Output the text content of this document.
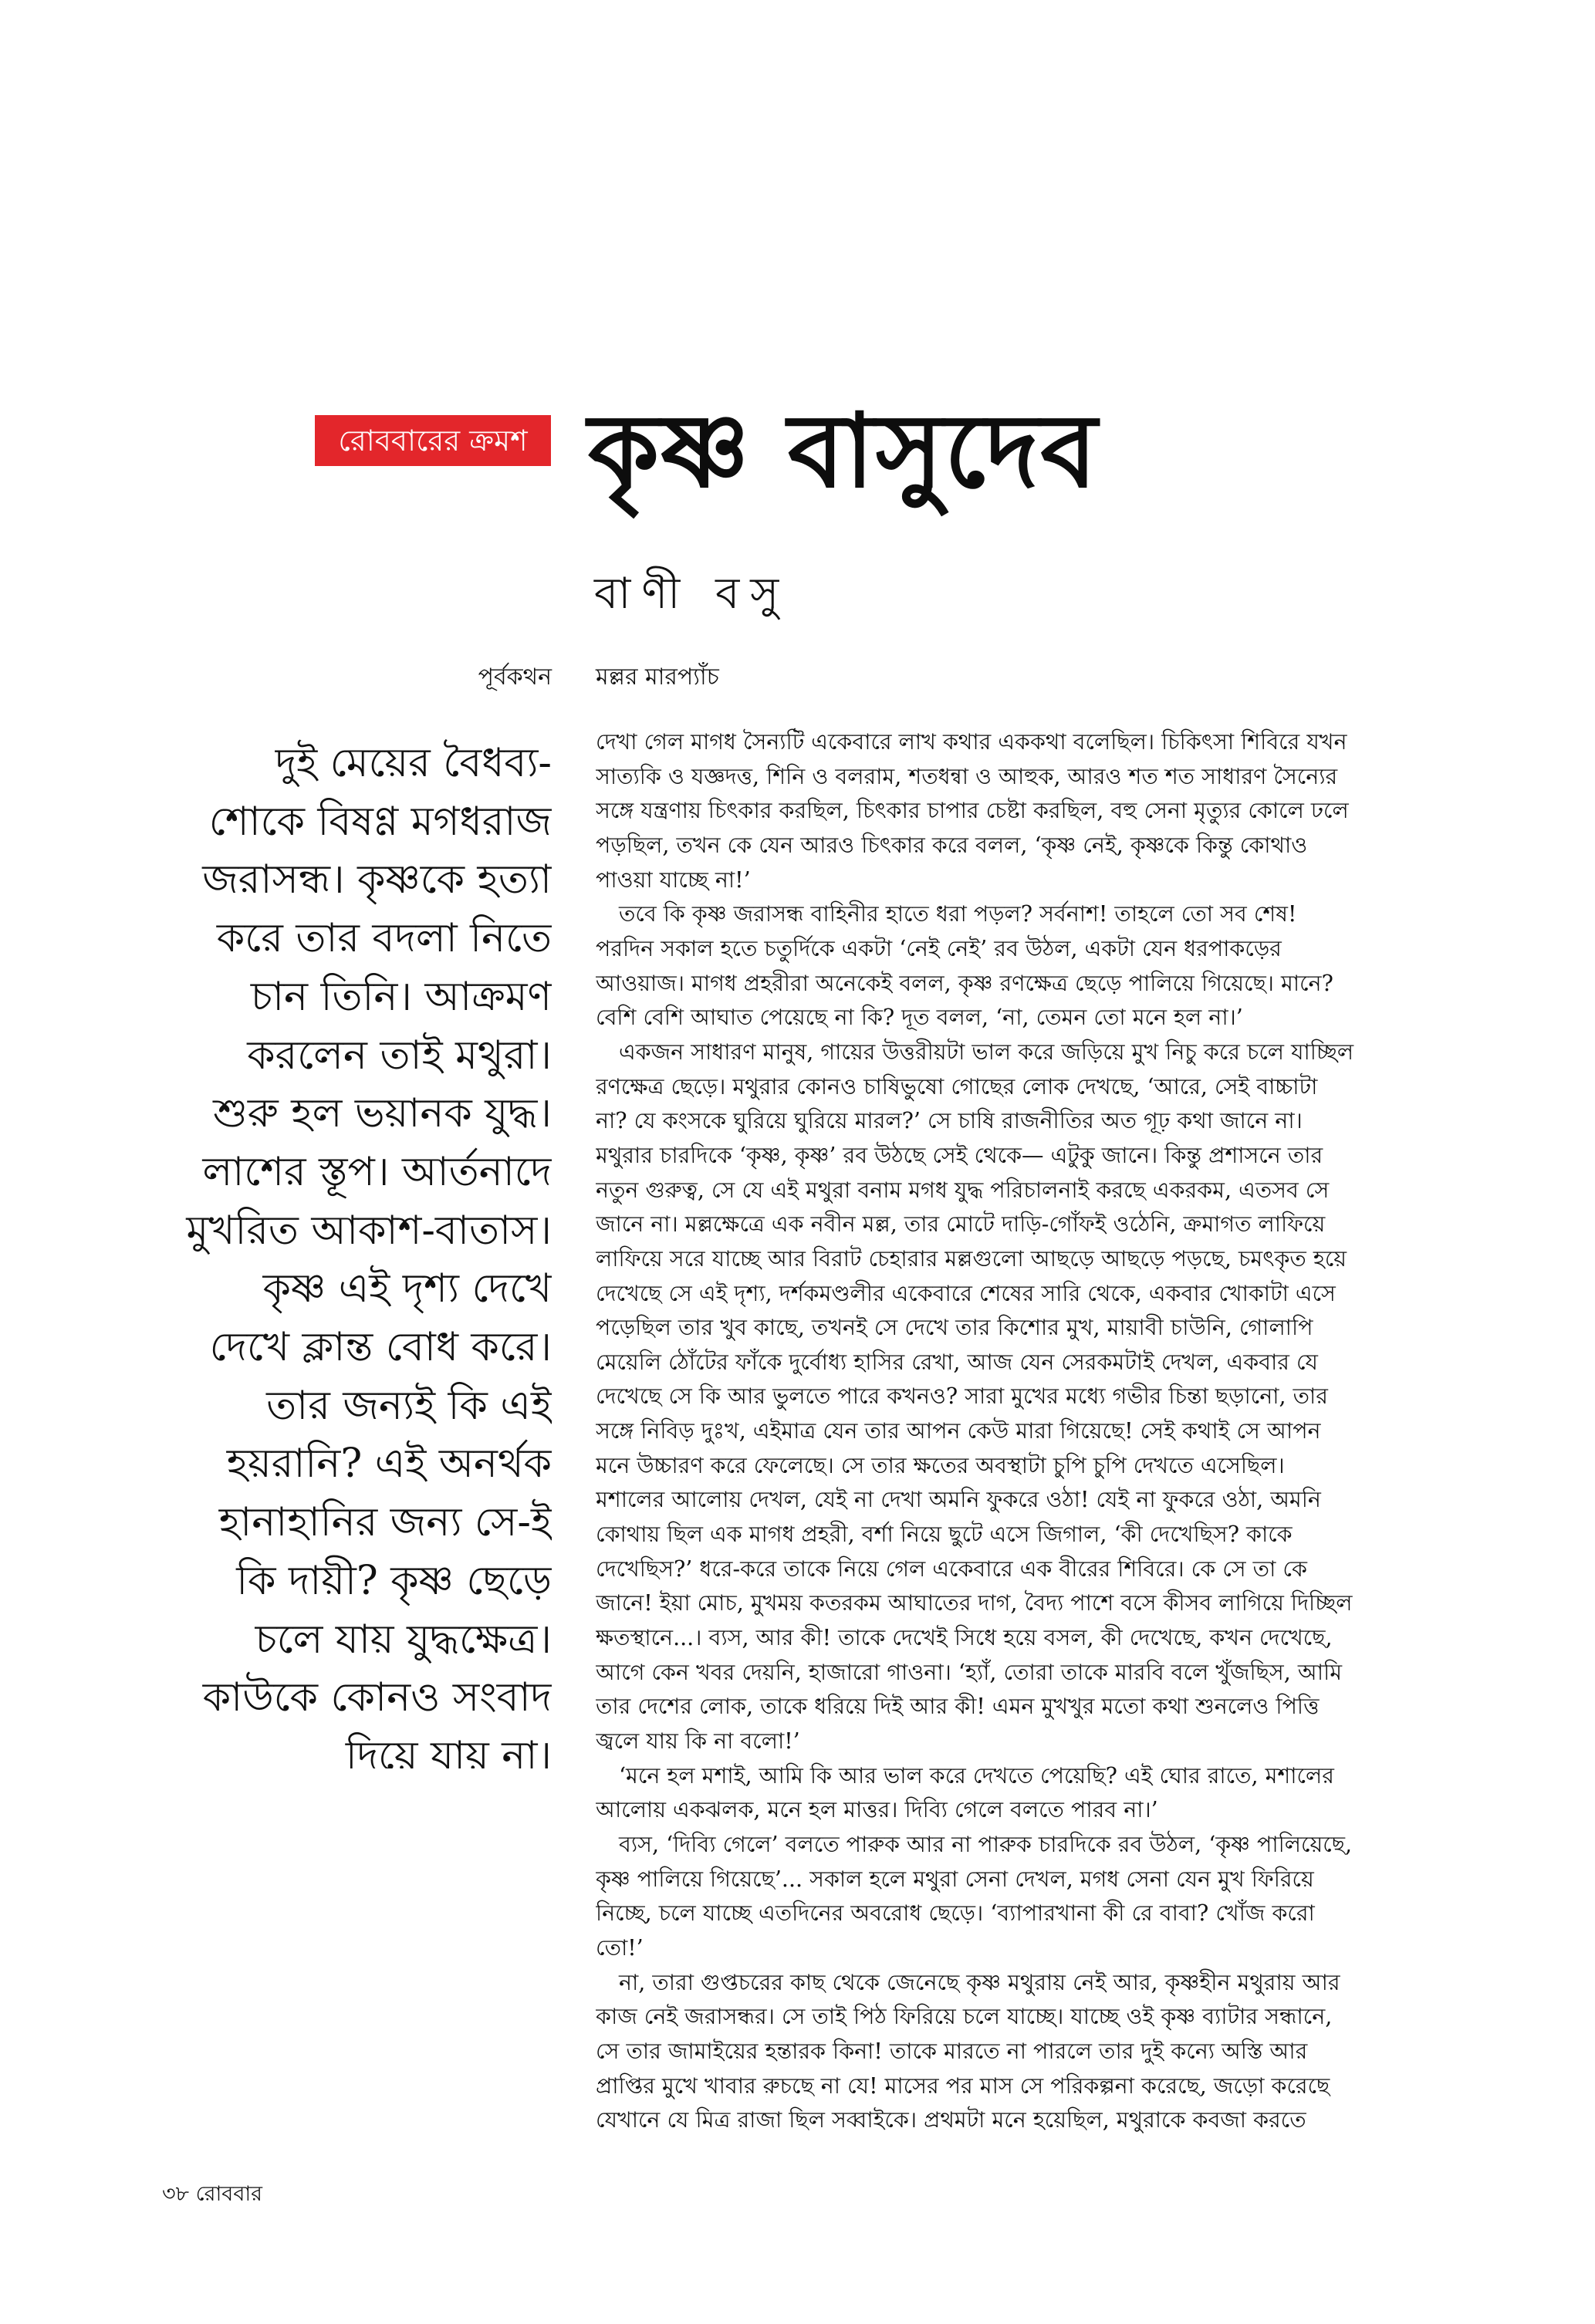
রোববারের ক্রমশ কৃষ্ণ বাসুদেব
বাণী বসু
পূর্বকথন মল্লর মারপ্যাঁচ
দুই মেয়ের বৈধব্য-
শোকে বিষণ্ণ মগধরাজ
জরাসন্ধ। কৃষ্ণকে হত্যা
করে তার বদলা নিতে
চান তিনি। আক্রমণ
করলেন তাই মথুরা।
শুরু হল ভয়ানক যুদ্ধ।
লাশের স্তূপ। আর্তনাদে
মুখরিত আকাশ-বাতাস।
কৃষ্ণ এই দৃশ্য দেখে
দেখে ক্লান্ত বোধ করে।
তার জন্যই কি এই
হয়রানি? এই অনর্থক
হানাহানির জন্য সে-ই
কি দায়ী? কৃষ্ণ ছেড়ে
চলে যায় যুদ্ধক্ষেত্র।
কাউকে কোনও সংবাদ
দিয়ে যায় না।
দেখা গেল মাগধ সৈন্যটি একেবারে লাখ কথার এককথা বলেছিল। চিকিৎসা শিবিরে যখন
সাত্যকি ও যজ্ঞদত্ত, শিনি ও বলরাম, শতধন্বা ও আহুক, আরও শত শত সাধারণ সৈন্যের
সঙ্গে যন্ত্রণায় চিৎকার করছিল, চিৎকার চাপার চেষ্টা করছিল, বহু সেনা মৃত্যুর কোলে ঢলে
পড়ছিল, তখন কে যেন আরও চিৎকার করে বলল, ‘কৃষ্ণ নেই, কৃষ্ণকে কিন্তু কোথাও
পাওয়া যাচ্ছে না!’
তবে কি কৃষ্ণ জরাসন্ধ বাহিনীর হাতে ধরা পড়ল? সর্বনাশ! তাহলে তো সব শেষ!
পরদিন সকাল হতে চতুর্দিকে একটা ‘নেই নেই’ রব উঠল, একটা যেন ধরপাকড়ের
আওয়াজ। মাগধ প্রহরীরা অনেকেই বলল, কৃষ্ণ রণক্ষেত্র ছেড়ে পালিয়ে গিয়েছে। মানে?
বেশি বেশি আঘাত পেয়েছে না কি? দূত বলল, ‘না, তেমন তো মনে হল না।’
একজন সাধারণ মানুষ, গায়ের উত্তরীয়টা ভাল করে জড়িয়ে মুখ নিচু করে চলে যাচ্ছিল
রণক্ষেত্র ছেড়ে। মথুরার কোনও চাষিভুষো গোছের লোক দেখছে, ‘আরে, সেই বাচ্চাটা
না? যে কংসকে ঘুরিয়ে ঘুরিয়ে মারল?’ সে চাষি রাজনীতির অত গূঢ় কথা জানে না।
মথুরার চারদিকে ‘কৃষ্ণ, কৃষ্ণ’ রব উঠছে সেই থেকে— এটুকু জানে। কিন্তু প্রশাসনে তার
নতুন গুরুত্ব, সে যে এই মথুরা বনাম মগধ যুদ্ধ পরিচালনাই করছে একরকম, এতসব সে
জানে না। মল্লক্ষেত্রে এক নবীন মল্ল, তার মোটে দাড়ি-গোঁফই ওঠেনি, ক্রমাগত লাফিয়ে
লাফিয়ে সরে যাচ্ছে আর বিরাট চেহারার মল্লগুলো আছড়ে আছড়ে পড়ছে, চমৎকৃত হয়ে
দেখেছে সে এই দৃশ্য, দর্শকমণ্ডলীর একেবারে শেষের সারি থেকে, একবার খোকাটা এসে
পড়েছিল তার খুব কাছে, তখনই সে দেখে তার কিশোর মুখ, মায়াবী চাউনি, গোলাপি
মেয়েলি ঠোঁটের ফাঁকে দুর্বোধ্য হাসির রেখা, আজ যেন সেরকমটাই দেখল, একবার যে
দেখেছে সে কি আর ভুলতে পারে কখনও? সারা মুখের মধ্যে গভীর চিন্তা ছড়ানো, তার
সঙ্গে নিবিড় দুঃখ, এইমাত্র যেন তার আপন কেউ মারা গিয়েছে! সেই কথাই সে আপন
মনে উচ্চারণ করে ফেলেছে। সে তার ক্ষতের অবস্থাটা চুপি চুপি দেখতে এসেছিল।
মশালের আলোয় দেখল, যেই না দেখা অমনি ফুকরে ওঠা! যেই না ফুকরে ওঠা, অমনি
কোথায় ছিল এক মাগধ প্রহরী, বর্শা নিয়ে ছুটে এসে জিগাল, ‘কী দেখেছিস? কাকে
দেখেছিস?’ ধরে-করে তাকে নিয়ে গেল একেবারে এক বীরের শিবিরে। কে সে তা কে
জানে! ইয়া মোচ, মুখময় কতরকম আঘাতের দাগ, বৈদ্য পাশে বসে কীসব লাগিয়ে দিচ্ছিল
ক্ষতস্থানে...। ব্যস, আর কী! তাকে দেখেই সিধে হয়ে বসল, কী দেখেছে, কখন দেখেছে,
আগে কেন খবর দেয়নি, হাজারো গাওনা। ‘হ্যাঁ, তোরা তাকে মারবি বলে খুঁজছিস, আমি
তার দেশের লোক, তাকে ধরিয়ে দিই আর কী! এমন মুখখুর মতো কথা শুনলেও পিত্তি
জ্বলে যায় কি না বলো!’
‘মনে হল মশাই, আমি কি আর ভাল করে দেখতে পেয়েছি? এই ঘোর রাতে, মশালের
আলোয় একঝলক, মনে হল মাত্তর। দিব্যি গেলে বলতে পারব না।’
ব্যস, ‘দিব্যি গেলে’ বলতে পারুক আর না পারুক চারদিকে রব উঠল, ‘কৃষ্ণ পালিয়েছে,
কৃষ্ণ পালিয়ে গিয়েছে’... সকাল হলে মথুরা সেনা দেখল, মগধ সেনা যেন মুখ ফিরিয়ে
নিচ্ছে, চলে যাচ্ছে এতদিনের অবরোধ ছেড়ে। ‘ব্যাপারখানা কী রে বাবা? খোঁজ করো
তো!’
না, তারা গুপ্তচরের কাছ থেকে জেনেছে কৃষ্ণ মথুরায় নেই আর, কৃষ্ণহীন মথুরায় আর
কাজ নেই জরাসন্ধর। সে তাই পিঠ ফিরিয়ে চলে যাচ্ছে। যাচ্ছে ওই কৃষ্ণ ব্যাটার সন্ধানে,
সে তার জামাইয়ের হন্তারক কিনা! তাকে মারতে না পারলে তার দুই কন্যে অস্তি আর
প্রাপ্তির মুখে খাবার রুচছে না যে! মাসের পর মাস সে পরিকল্পনা করেছে, জড়ো করেছে
যেখানে যে মিত্র রাজা ছিল সব্বাইকে। প্রথমটা মনে হয়েছিল, মথুরাকে কবজা করতে
৩৮ রোববার
